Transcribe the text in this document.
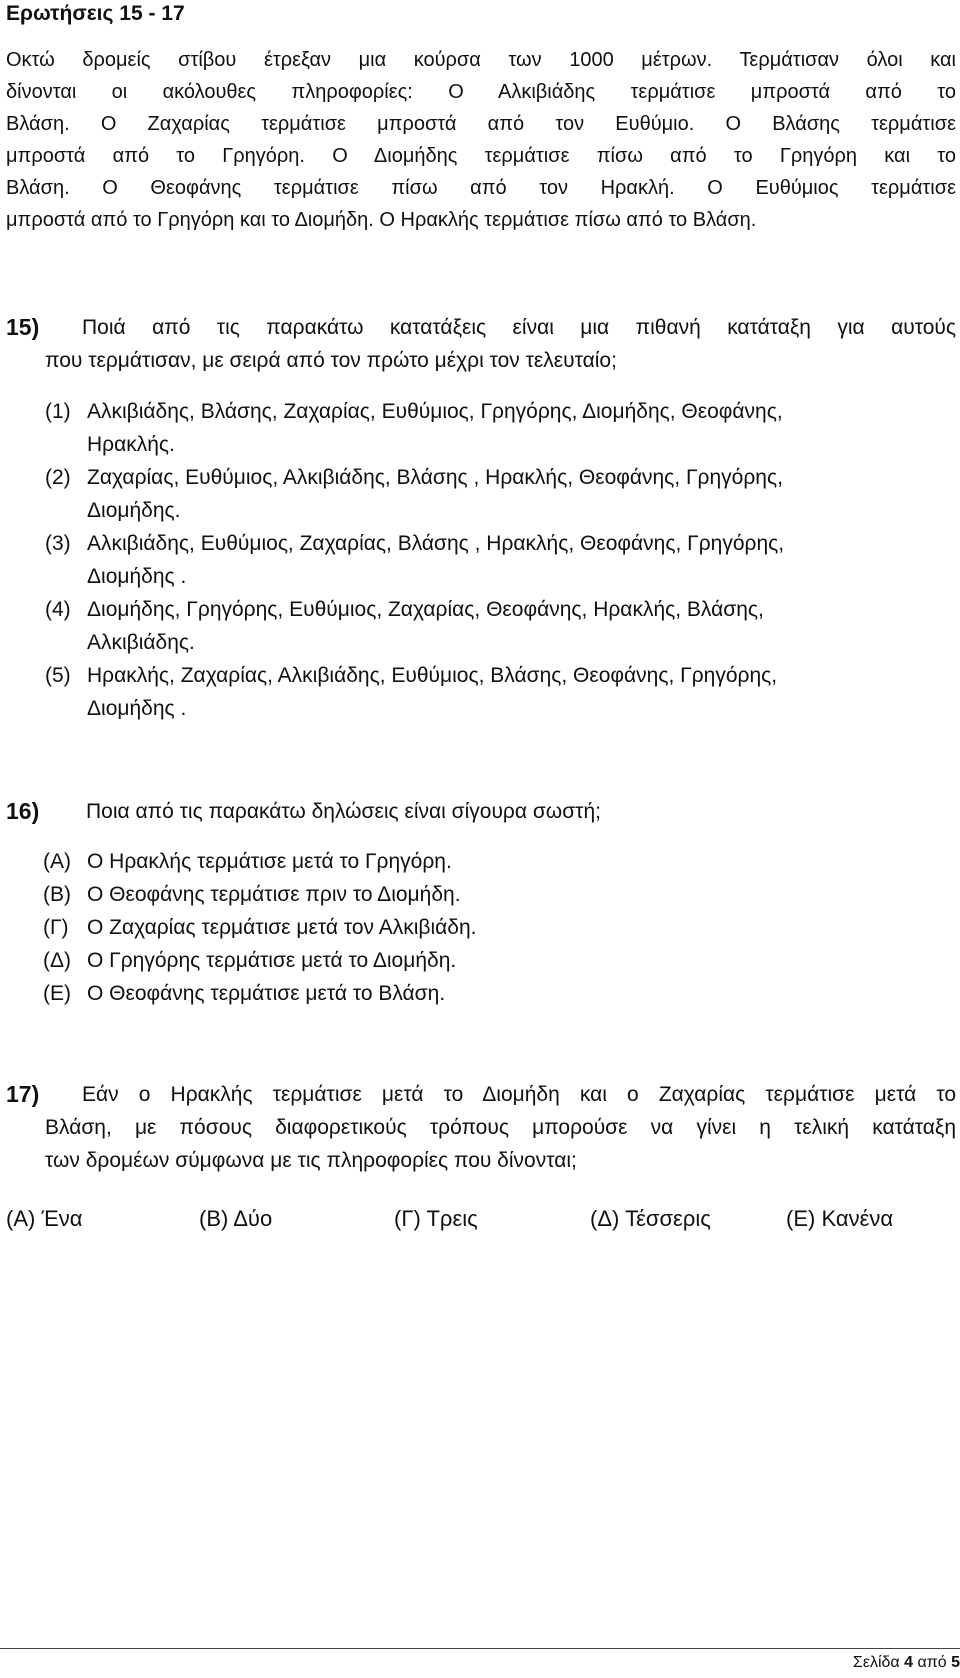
Ερωτήσεις 15 - 17
Οκτώ δρομείς στίβου έτρεξαν μια κούρσα των 1000 μέτρων. Τερμάτισαν όλοι και
δίνονται οι ακόλουθες πληροφορίες: Ο Αλκιβιάδης τερμάτισε μπροστά από το
Βλάση. Ο Ζαχαρίας τερμάτισε μπροστά από τον Ευθύμιο. Ο Βλάσης τερμάτισε
μπροστά από το Γρηγόρη. Ο Διομήδης τερμάτισε πίσω από το Γρηγόρη και το
Βλάση. Ο Θεοφάνης τερμάτισε πίσω από τον Ηρακλή. Ο Ευθύμιος τερμάτισε
μπροστά από το Γρηγόρη και το Διομήδη. Ο Ηρακλής τερμάτισε πίσω από το Βλάση.
15)	Ποιά από τις παρακάτω κατατάξεις είναι μια πιθανή κατάταξη για αυτούς
που τερμάτισαν, με σειρά από τον πρώτο μέχρι τον τελευταίο;
(1) Αλκιβιάδης, Βλάσης, Ζαχαρίας, Ευθύμιος, Γρηγόρης, Διομήδης, Θεοφάνης,
Ηρακλής.
(2) Ζαχαρίας, Ευθύμιος, Αλκιβιάδης, Βλάσης , Ηρακλής, Θεοφάνης, Γρηγόρης,
Διομήδης.
(3) Αλκιβιάδης, Ευθύμιος, Ζαχαρίας, Βλάσης , Ηρακλής, Θεοφάνης, Γρηγόρης,
Διομήδης .
(4) Διομήδης, Γρηγόρης, Ευθύμιος, Ζαχαρίας, Θεοφάνης, Ηρακλής, Βλάσης,
Αλκιβιάδης.
(5) Ηρακλής, Ζαχαρίας, Αλκιβιάδης, Ευθύμιος, Βλάσης, Θεοφάνης, Γρηγόρης,
Διομήδης .
16)	Ποια από τις παρακάτω δηλώσεις είναι σίγουρα σωστή;
(Α) Ο Ηρακλής τερμάτισε μετά το Γρηγόρη.
(Β) Ο Θεοφάνης τερμάτισε πριν το Διομήδη.
(Γ) Ο Ζαχαρίας τερμάτισε μετά τον Αλκιβιάδη.
(Δ) Ο Γρηγόρης τερμάτισε μετά το Διομήδη.
(Ε) Ο Θεοφάνης τερμάτισε μετά το Βλάση.
17)	Εάν ο Ηρακλής τερμάτισε μετά το Διομήδη και ο Ζαχαρίας τερμάτισε μετά το
Βλάση, με πόσους διαφορετικούς τρόπους μπορούσε να γίνει η τελική κατάταξη
των δρομέων σύμφωνα με τις πληροφορίες που δίνονται;
(Α) Ένα	(Β) Δύο	(Γ) Τρεις	(Δ) Τέσσερις	(Ε) Κανένα
Σελίδα 4 από 5
